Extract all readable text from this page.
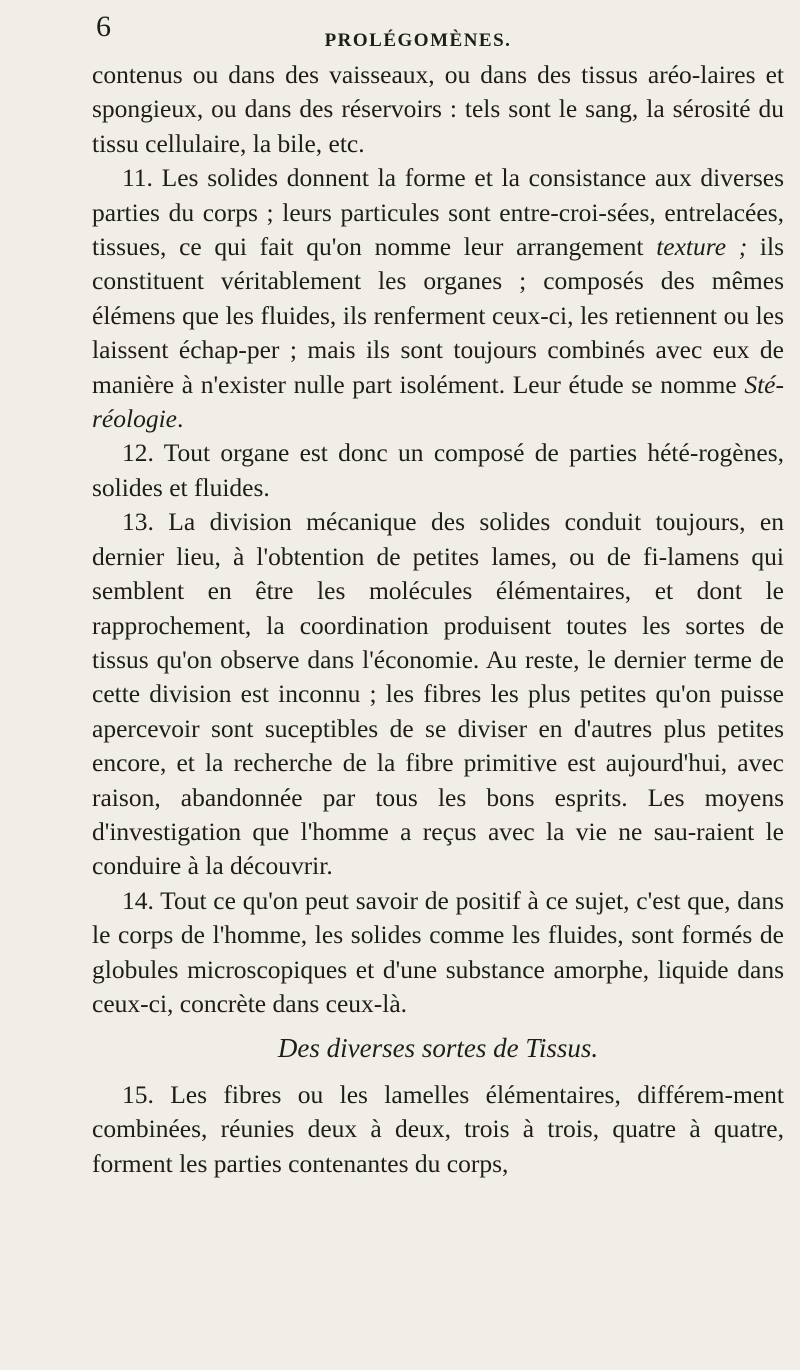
6	PROLÉGOMÈNES.

contenus ou dans des vaisseaux, ou dans des tissus aréo-laires et spongieux, ou dans des réservoirs : tels sont le sang, la sérosité du tissu cellulaire, la bile, etc.

11. Les solides donnent la forme et la consistance aux diverses parties du corps ; leurs particules sont entre-croi-sées, entrelacées, tissues, ce qui fait qu'on nomme leur arrangement texture ; ils constituent véritablement les organes ; composés des mêmes élémens que les fluides, ils renferment ceux-ci, les retiennent ou les laissent échap-per ; mais ils sont toujours combinés avec eux de manière à n'exister nulle part isolément. Leur étude se nomme Sté-réologie.

12. Tout organe est donc un composé de parties hété-rogènes, solides et fluides.

13. La division mécanique des solides conduit toujours, en dernier lieu, à l'obtention de petites lames, ou de fi-lamens qui semblent en être les molécules élémentaires, et dont le rapprochement, la coordination produisent toutes les sortes de tissus qu'on observe dans l'économie. Au reste, le dernier terme de cette division est inconnu ; les fibres les plus petites qu'on puisse apercevoir sont suceptibles de se diviser en d'autres plus petites encore, et la recherche de la fibre primitive est aujourd'hui, avec raison, abandonnée par tous les bons esprits. Les moyens d'investigation que l'homme a reçus avec la vie ne sau-raient le conduire à la découvrir.

14. Tout ce qu'on peut savoir de positif à ce sujet, c'est que, dans le corps de l'homme, les solides comme les fluides, sont formés de globules microscopiques et d'une substance amorphe, liquide dans ceux-ci, concrète dans ceux-là.

Des diverses sortes de Tissus.

15. Les fibres ou les lamelles élémentaires, différem-ment combinées, réunies deux à deux, trois à trois, quatre à quatre, forment les parties contenantes du corps,
